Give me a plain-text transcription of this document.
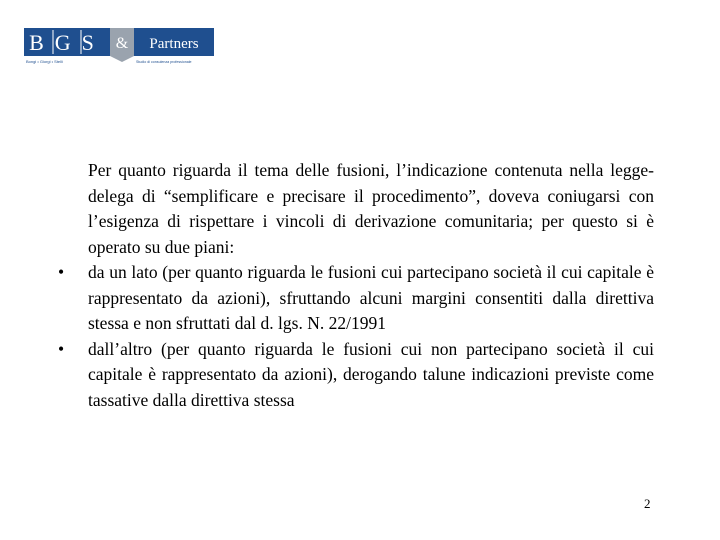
BGS & Partners
Bongi • Giorgi • Stelli	Studio di consulenza professionale

Per quanto riguarda il tema delle fusioni, l’indicazione contenuta nella legge-delega di “semplificare e precisare il procedimento”, doveva coniugarsi con l’esigenza di rispettare i vincoli di derivazione comunitaria; per questo si è operato su due piani:

•	da un lato (per quanto riguarda le fusioni cui partecipano società il cui capitale è rappresentato da azioni), sfruttando alcuni margini consentiti dalla direttiva stessa e non sfruttati dal d. lgs. N. 22/1991
•	dall’altro (per quanto riguarda le fusioni cui non partecipano società il cui capitale è rappresentato da azioni), derogando talune indicazioni previste come tassative dalla direttiva stessa
2
